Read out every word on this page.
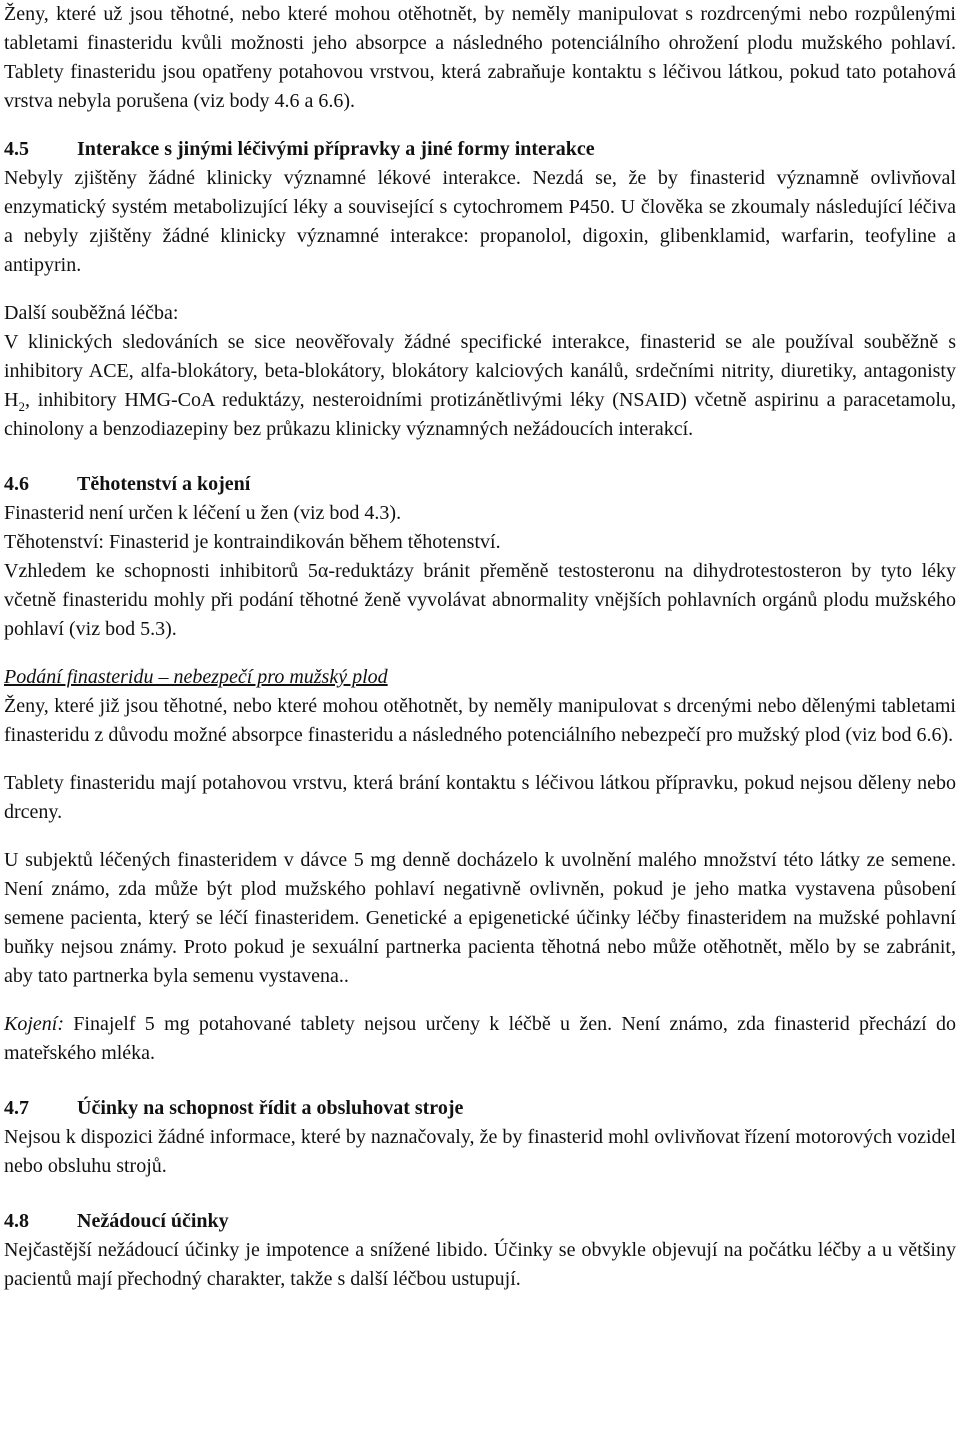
Ženy, které už jsou těhotné, nebo které mohou otěhotnět, by neměly manipulovat s rozdrcenými nebo rozpůlenými tabletami finasteridu kvůli možnosti jeho absorpce a následného potenciálního ohrožení plodu mužského pohlaví. Tablety finasteridu jsou opatřeny potahovou vrstvou, která zabraňuje kontaktu s léčivou látkou, pokud tato potahová vrstva nebyla porušena (viz body 4.6 a 6.6).

4.5 Interakce s jinými léčivými přípravky a jiné formy interakce

Nebyly zjištěny žádné klinicky významné lékové interakce. Nezdá se, že by finasterid významně ovlivňoval enzymatický systém metabolizující léky a související s cytochromem P450. U člověka se zkoumaly následující léčiva a nebyly zjištěny žádné klinicky významné interakce: propanolol, digoxin, glibenklamid, warfarin, teofyline a antipyrin.

Další souběžná léčba:

V klinických sledováních se sice neověřovaly žádné specifické interakce, finasterid se ale používal souběžně s inhibitory ACE, alfa-blokátory, beta-blokátory, blokátory kalciových kanálů, srdečními nitrity, diuretiky, antagonisty $H_2$, inhibitory HMG-CoA reduktázy, nesteroidními protizánětlivými léky (NSAID) včetně aspirinu a paracetamolu, chinolony a benzodiazepiny bez průkazu klinicky významných nežádoucích interakcí.

4.6 Těhotenství a kojení

Finasterid není určen k léčení u žen (viz bod 4.3).

Těhotenství: Finasterid je kontraindikován během těhotenství.

Vzhledem ke schopnosti inhibitorů 5α-reduktázy bránit přeměně testosteronu na dihydrotestosteron by tyto léky včetně finasteridu mohly při podání těhotné ženě vyvolávat abnormality vnějších pohlavních orgánů plodu mužského pohlaví (viz bod 5.3).

Podání finasteridu – nebezpečí pro mužský plod

Ženy, které již jsou těhotné, nebo které mohou otěhotnět, by neměly manipulovat s drcenými nebo dělenými tabletami finasteridu z důvodu možné absorpce finasteridu a následného potenciálního nebezpečí pro mužský plod (viz bod 6.6).

Tablety finasteridu mají potahovou vrstvu, která brání kontaktu s léčivou látkou přípravku, pokud nejsou děleny nebo drceny.

U subjektů léčených finasteridem v dávce 5 mg denně docházelo k uvolnění malého množství této látky ze semene. Není známo, zda může být plod mužského pohlaví negativně ovlivněn, pokud je jeho matka vystavena působení semene pacienta, který se léčí finasteridem. Genetické a epigenetické účinky léčby finasteridem na mužské pohlavní buňky nejsou známy. Proto pokud je sexuální partnerka pacienta těhotná nebo může otěhotnět, mělo by se zabránit, aby tato partnerka byla semenu vystavena..

Kojení: Finajelf 5 mg potahované tablety nejsou určeny k léčbě u žen. Není známo, zda finasterid přechází do mateřského mléka.

4.7 Účinky na schopnost řídit a obsluhovat stroje

Nejsou k dispozici žádné informace, které by naznačovaly, že by finasterid mohl ovlivňovat řízení motorových vozidel nebo obsluhu strojů.

4.8 Nežádoucí účinky

Nejčastější nežádoucí účinky je impotence a snížené libido. Účinky se obvykle objevují na počátku léčby a u většiny pacientů mají přechodný charakter, takže s další léčbou ustupují.
